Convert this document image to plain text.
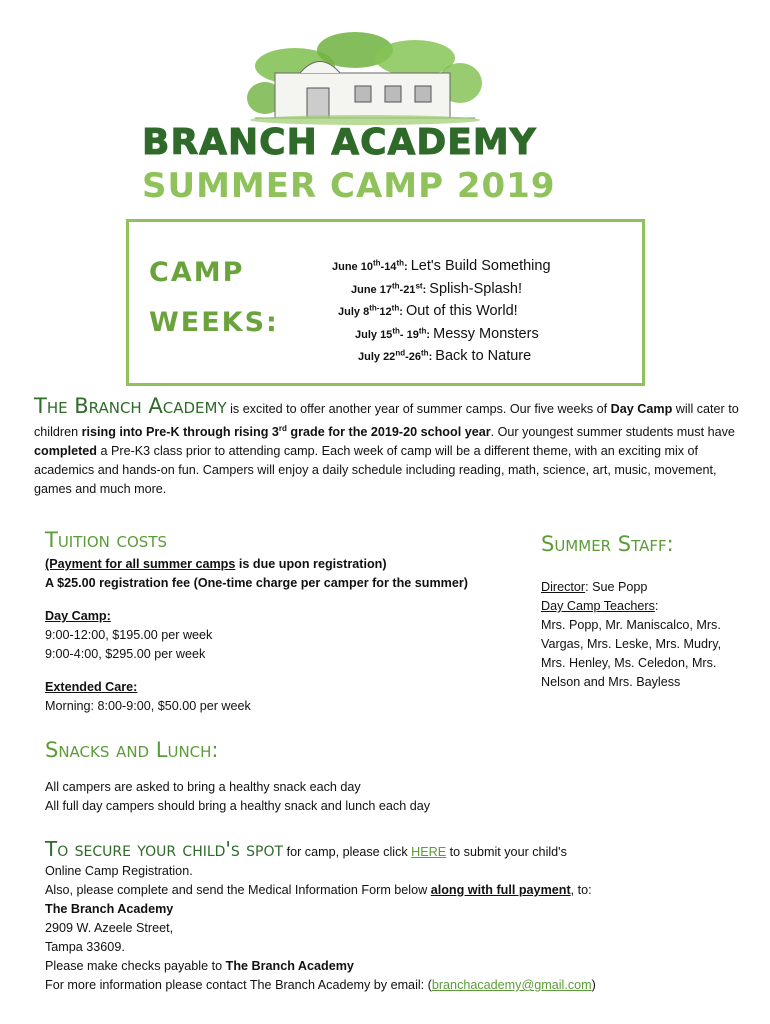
BRANCH ACADEMY
SUMMER CAMP 2019
CAMP
WEEKS:
June 10th-14th: Let's Build Something
June 17th-21st: Splish-Splash!
July $8^{th-}12th$: Out of this World!
July 15th- 19th: Messy Monsters
July 22nd-26th: Back to Nature
The Branch Academy is excited to offer another year of summer camps. Our five weeks of Day Camp will cater to children rising into Pre-K through rising 3rd grade for the 2019-20 school year. Our youngest summer students must have completed a Pre-K3 class prior to attending camp. Each week of camp will be a different theme, with an exciting mix of academics and hands-on fun. Campers will enjoy a daily schedule including reading, math, science, art, music, movement, games and much more.
Tuition costs
(Payment for all summer camps is due upon registration)
A $25.00 registration fee (One-time charge per camper for the summer)
Day Camp:
9:00-12:00, $195.00 per week
9:00-4:00, $295.00 per week
Extended Care:
Morning: 8:00-9:00, $50.00 per week
Summer Staff:
Director: Sue Popp
Day Camp Teachers:
Mrs. Popp, Mr. Maniscalco, Mrs. Vargas, Mrs. Leske, Mrs. Mudry, Mrs. Henley, Ms. Celedon, Mrs. Nelson and Mrs. Bayless
Snacks and Lunch:
All campers are asked to bring a healthy snack each day
All full day campers should bring a healthy snack and lunch each day
To secure your child's spot for camp, please click HERE to submit your child's
Online Camp Registration.
Also, please complete and send the Medical Information Form below along with full payment, to:
The Branch Academy
2909 W. Azeele Street,
Tampa 33609.
Please make checks payable to The Branch Academy
For more information please contact The Branch Academy by email: (branchacademy@gmail.com)
